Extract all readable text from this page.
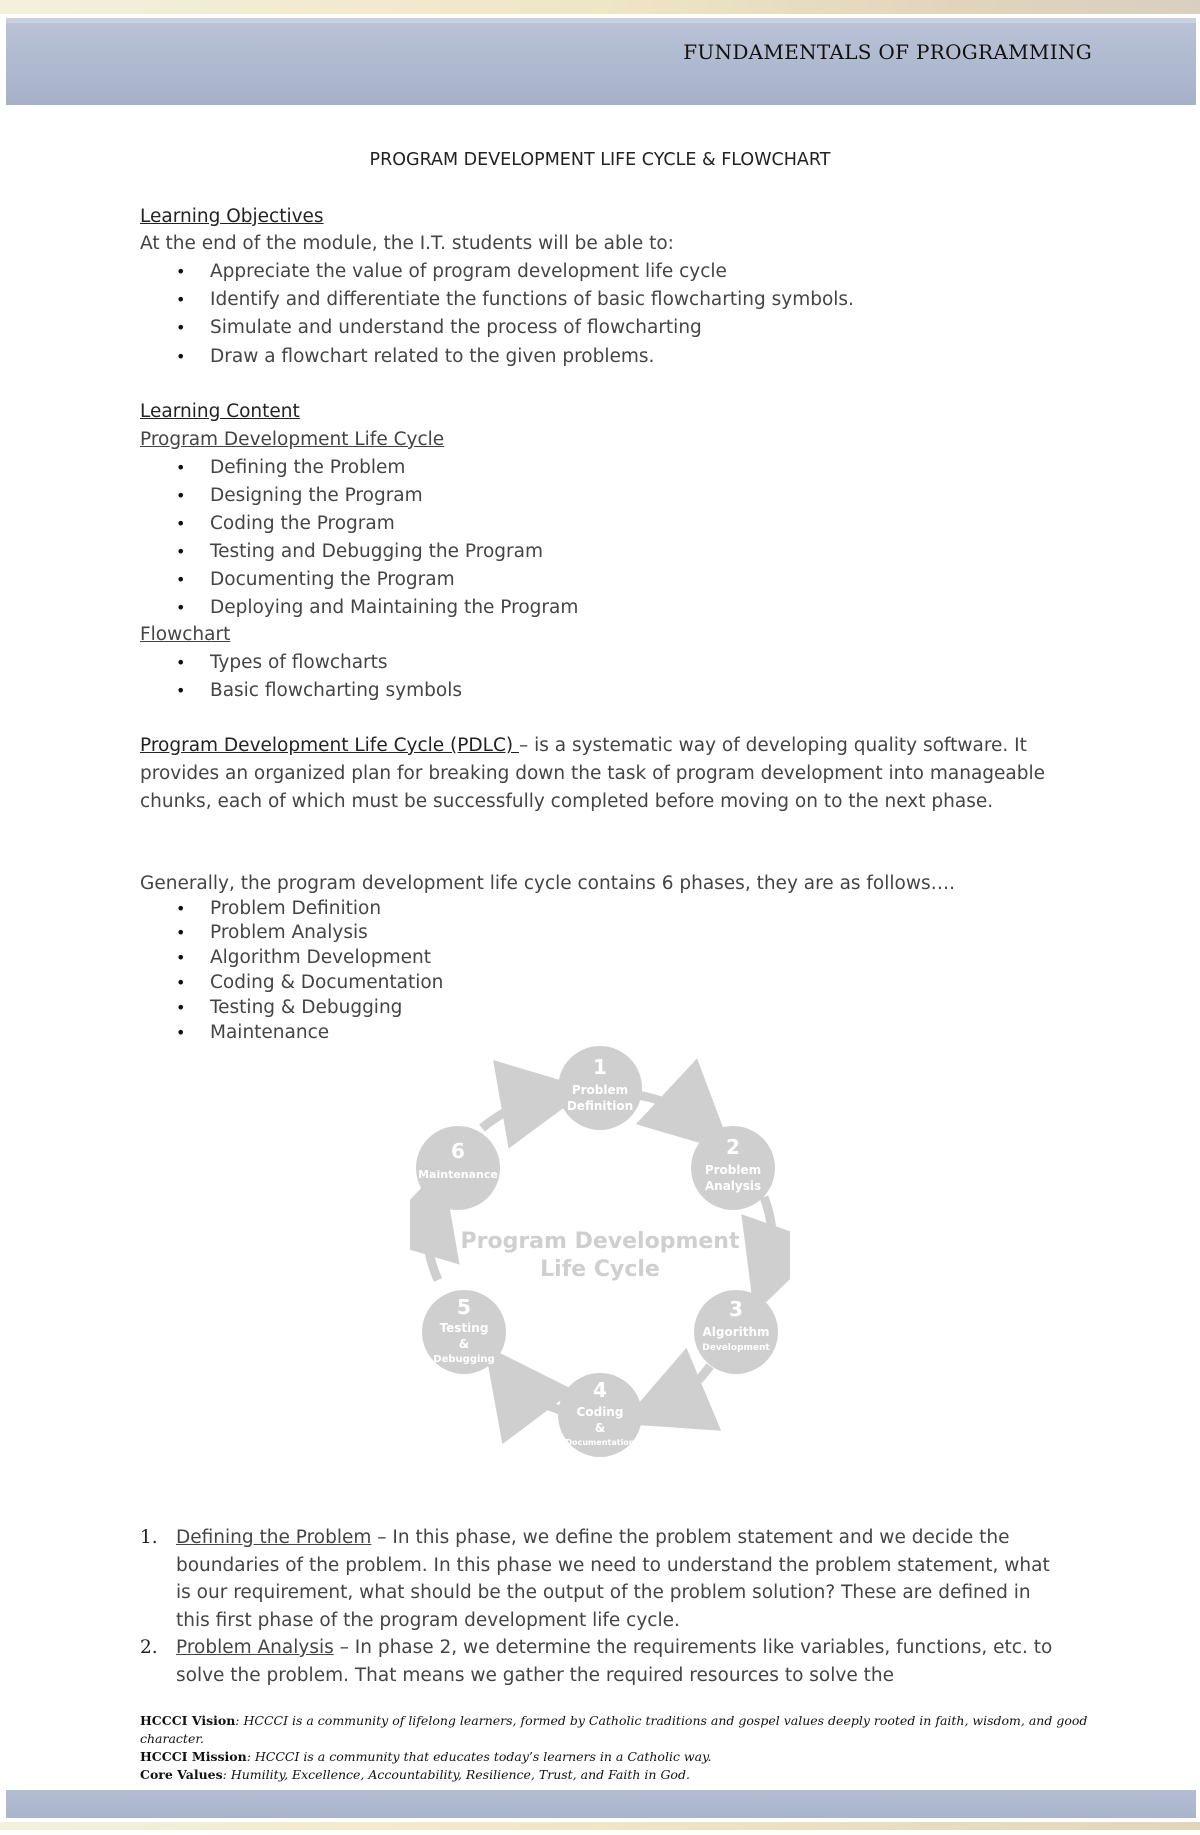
FUNDAMENTALS OF PROGRAMMING
PROGRAM DEVELOPMENT LIFE CYCLE & FLOWCHART
Learning Objectives
At the end of the module, the I.T. students will be able to:
• Appreciate the value of program development life cycle
• Identify and differentiate the functions of basic flowcharting symbols.
• Simulate and understand the process of flowcharting
• Draw a flowchart related to the given problems.
Learning Content
Program Development Life Cycle
• Defining the Problem
• Designing the Program
• Coding the Program
• Testing and Debugging the Program
• Documenting the Program
• Deploying and Maintaining the Program
Flowchart
• Types of flowcharts
• Basic flowcharting symbols
Program Development Life Cycle (PDLC) – is a systematic way of developing quality software. It provides an organized plan for breaking down the task of program development into manageable chunks, each of which must be successfully completed before moving on to the next phase.
Generally, the program development life cycle contains 6 phases, they are as follows….
• Problem Definition
• Problem Analysis
• Algorithm Development
• Coding & Documentation
• Testing & Debugging
• Maintenance
1. Defining the Problem – In this phase, we define the problem statement and we decide the boundaries of the problem. In this phase we need to understand the problem statement, what is our requirement, what should be the output of the problem solution? These are defined in this first phase of the program development life cycle.
2. Problem Analysis – In phase 2, we determine the requirements like variables, functions, etc. to solve the problem. That means we gather the required resources to solve the
Program Development
Life Cycle
1
Problem
Definition
2
Problem
Analysis
3
Algorithm
Development
4
Coding
&
Documentation
5
Testing
&
Debugging
6
Maintenance
HCCCI Vision: HCCCI is a community of lifelong learners, formed by Catholic traditions and gospel values deeply rooted in faith, wisdom, and good character.
HCCCI Mission: HCCCI is a community that educates today’s learners in a Catholic way.
Core Values: Humility, Excellence, Accountability, Resilience, Trust, and Faith in God.
